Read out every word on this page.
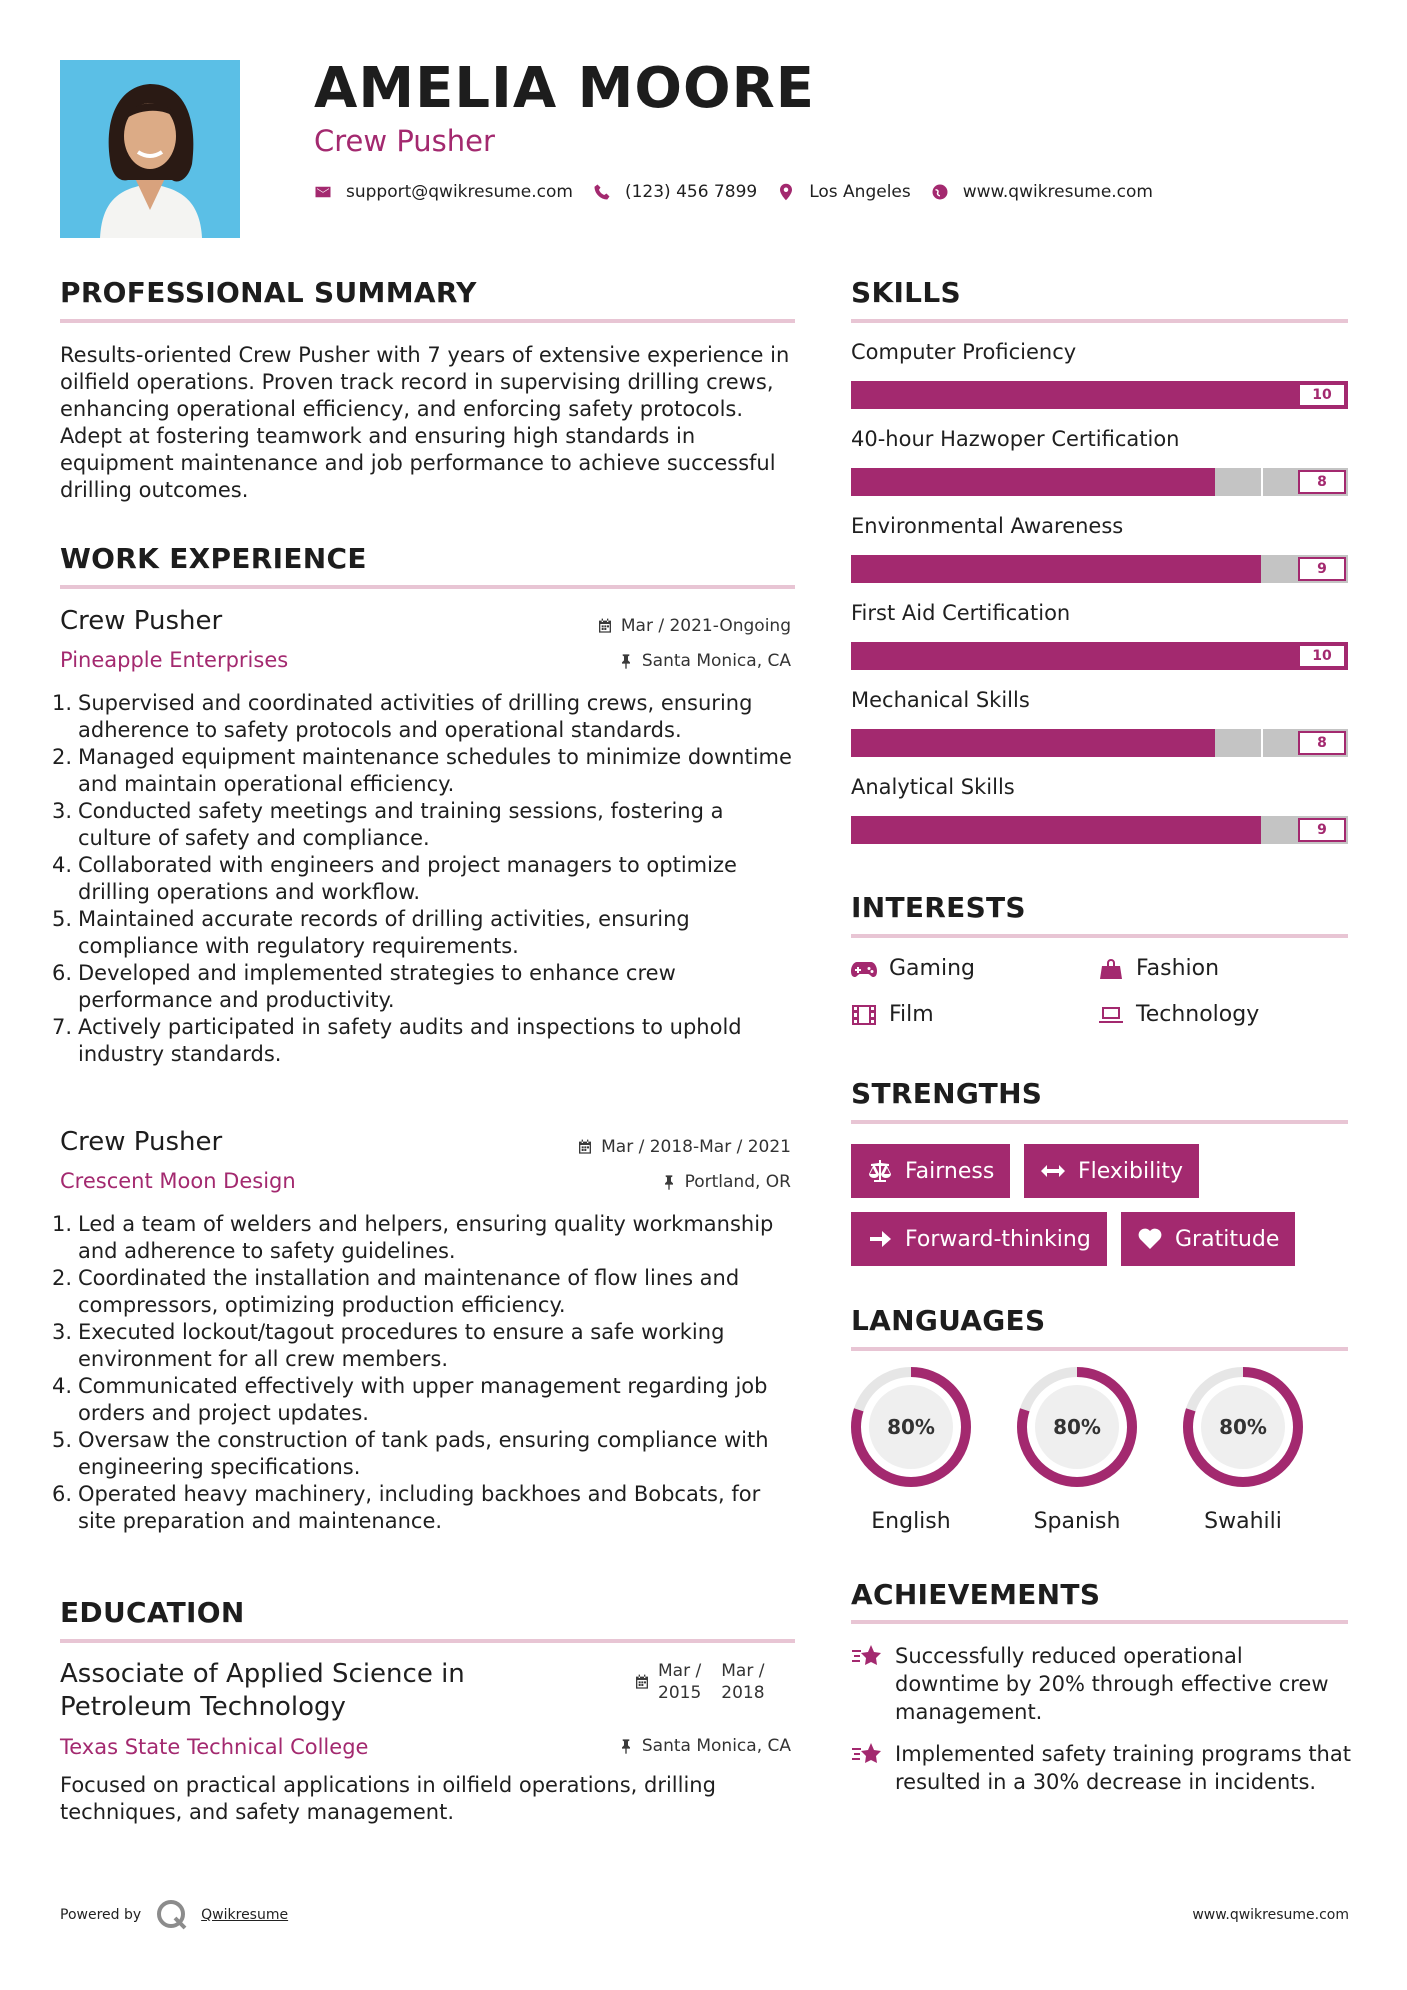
AMELIA MOORE
Crew Pusher
support@qwikresume.com	(123) 456 7899	Los Angeles	www.qwikresume.com
PROFESSIONAL SUMMARY
Results-oriented Crew Pusher with 7 years of extensive experience in oilfield operations. Proven track record in supervising drilling crews, enhancing operational efficiency, and enforcing safety protocols. Adept at fostering teamwork and ensuring high standards in equipment maintenance and job performance to achieve successful drilling outcomes.
WORK EXPERIENCE
Crew Pusher	Mar / 2021-Ongoing
Pineapple Enterprises	Santa Monica, CA
Supervised and coordinated activities of drilling crews, ensuring adherence to safety protocols and operational standards.
Managed equipment maintenance schedules to minimize downtime and maintain operational efficiency.
Conducted safety meetings and training sessions, fostering a culture of safety and compliance.
Collaborated with engineers and project managers to optimize drilling operations and workflow.
Maintained accurate records of drilling activities, ensuring compliance with regulatory requirements.
Developed and implemented strategies to enhance crew performance and productivity.
Actively participated in safety audits and inspections to uphold industry standards.
Crew Pusher	Mar / 2018-Mar / 2021
Crescent Moon Design	Portland, OR
Led a team of welders and helpers, ensuring quality workmanship and adherence to safety guidelines.
Coordinated the installation and maintenance of flow lines and compressors, optimizing production efficiency.
Executed lockout/tagout procedures to ensure a safe working environment for all crew members.
Communicated effectively with upper management regarding job orders and project updates.
Oversaw the construction of tank pads, ensuring compliance with engineering specifications.
Operated heavy machinery, including backhoes and Bobcats, for site preparation and maintenance.
EDUCATION
Associate of Applied Science in Petroleum Technology
Mar /
2015
Mar /
2018
Texas State Technical College	Santa Monica, CA
Focused on practical applications in oilfield operations, drilling techniques, and safety management.
SKILLS
Computer Proficiency
10
40-hour Hazwoper Certification
8
Environmental Awareness
9
First Aid Certification
10
Mechanical Skills
8
Analytical Skills
9
INTERESTS
Gaming	Fashion
Film	Technology
STRENGTHS
Fairness	Flexibility
Forward-thinking	Gratitude
LANGUAGES
80%
English
80%
Spanish
80%
Swahili
ACHIEVEMENTS
Successfully reduced operational downtime by 20% through effective crew management.
Implemented safety training programs that resulted in a 30% decrease in incidents.
Powered by	Qwikresume	www.qwikresume.com
